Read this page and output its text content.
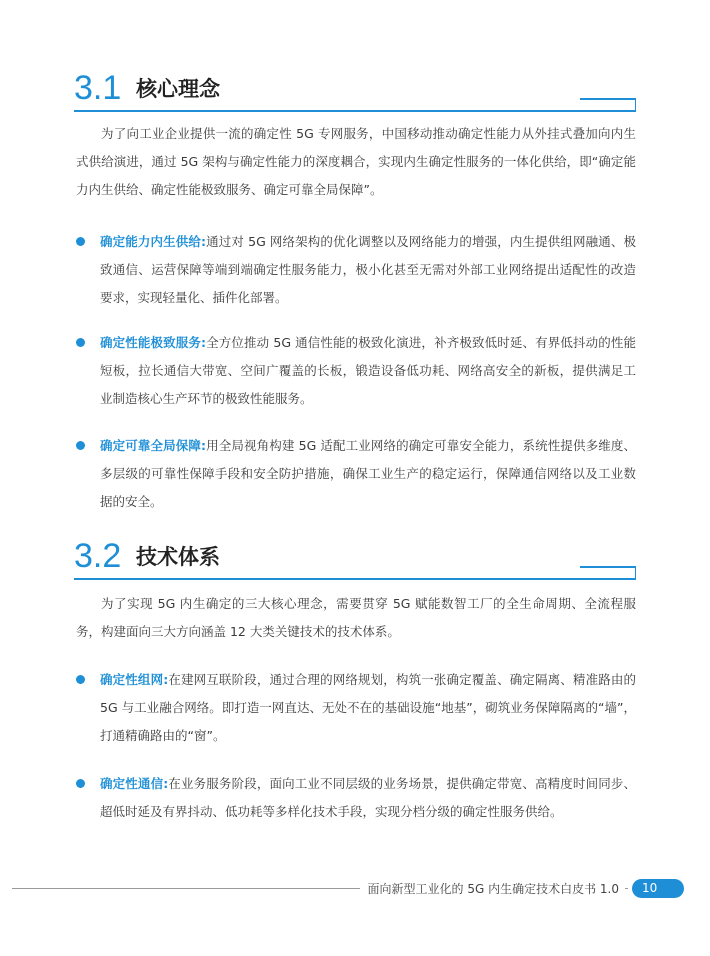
3.1 核心理念

为了向工业企业提供一流的确定性 5G 专网服务，中国移动推动确定性能力从外挂式叠加向内生式供给演进，通过 5G 架构与确定性能力的深度耦合，实现内生确定性服务的一体化供给，即“确定能力内生供给、确定性能极致服务、确定可靠全局保障”。

确定能力内生供给:通过对 5G 网络架构的优化调整以及网络能力的增强，内生提供组网融通、极致通信、运营保障等端到端确定性服务能力，极小化甚至无需对外部工业网络提出适配性的改造要求，实现轻量化、插件化部署。
确定性能极致服务:全方位推动 5G 通信性能的极致化演进，补齐极致低时延、有界低抖动的性能短板，拉长通信大带宽、空间广覆盖的长板，锻造设备低功耗、网络高安全的新板，提供满足工业制造核心生产环节的极致性能服务。
确定可靠全局保障:用全局视角构建 5G 适配工业网络的确定可靠安全能力，系统性提供多维度、多层级的可靠性保障手段和安全防护措施，确保工业生产的稳定运行，保障通信网络以及工业数据的安全。
3.2 技术体系

为了实现 5G 内生确定的三大核心理念，需要贯穿 5G 赋能数智工厂的全生命周期、全流程服务，构建面向三大方向涵盖 12 大类关键技术的技术体系。

确定性组网:在建网互联阶段，通过合理的网络规划，构筑一张确定覆盖、确定隔离、精准路由的 5G 与工业融合网络。即打造一网直达、无处不在的基础设施“地基”，砌筑业务保障隔离的“墙”，打通精确路由的“窗”。
确定性通信:在业务服务阶段，面向工业不同层级的业务场景，提供确定带宽、高精度时间同步、超低时延及有界抖动、低功耗等多样化技术手段，实现分档分级的确定性服务供给。
面向新型工业化的 5G 内生确定技术白皮书 1.0	10
